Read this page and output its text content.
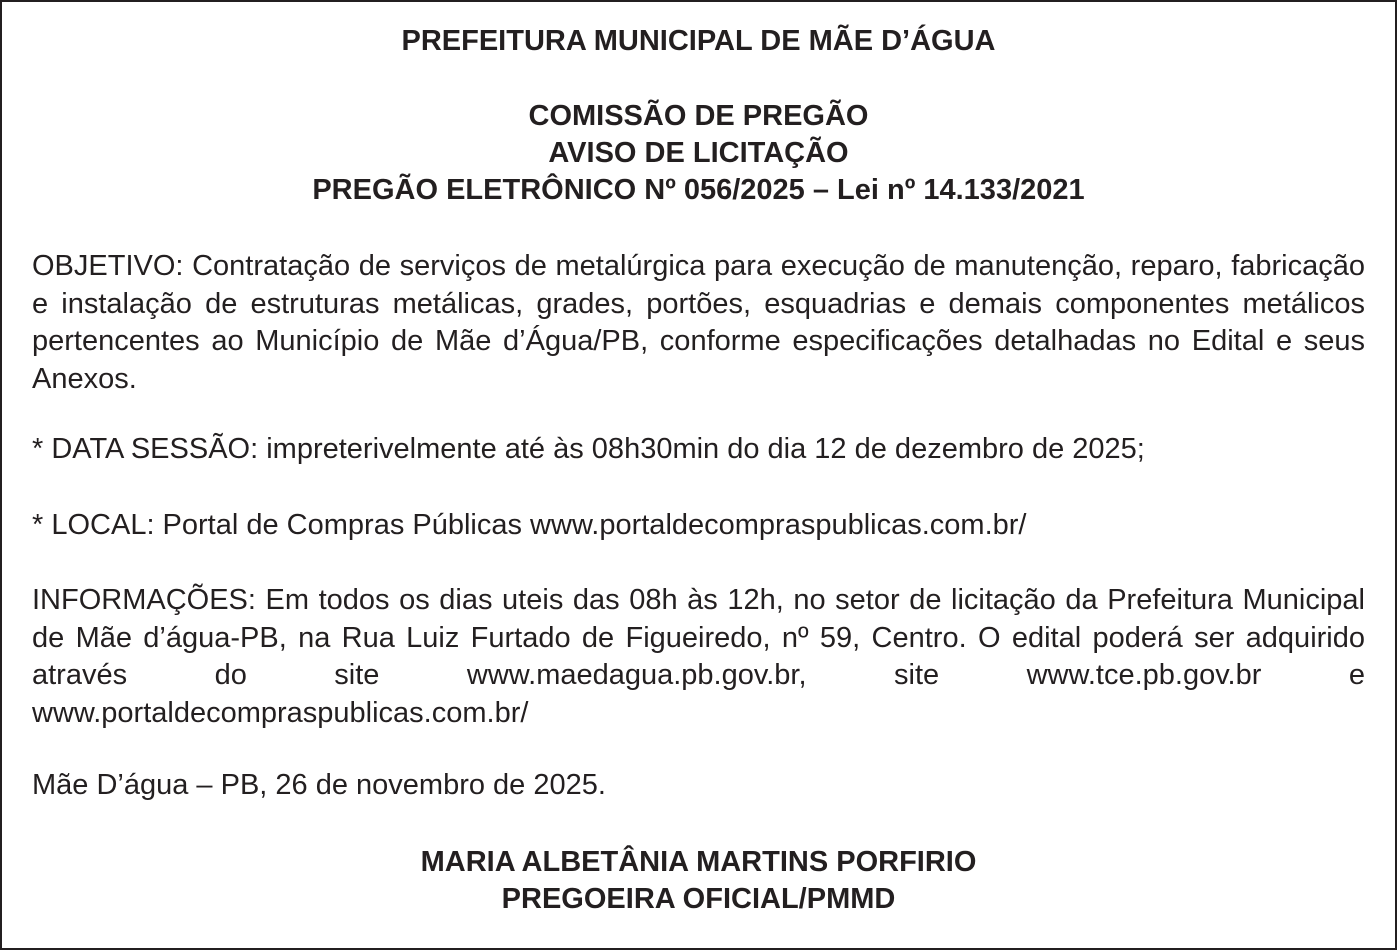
PREFEITURA MUNICIPAL DE MÃE D’ÁGUA
COMISSÃO DE PREGÃO
AVISO DE LICITAÇÃO
PREGÃO ELETRÔNICO Nº 056/2025 – Lei nº 14.133/2021

OBJETIVO: Contratação de serviços de metalúrgica para execução de manutenção, reparo, fabricação e instalação de estruturas metálicas, grades, portões, esquadrias e demais componentes metálicos pertencentes ao Município de Mãe d’Água/PB, conforme especificações detalhadas no Edital e seus Anexos.

* DATA SESSÃO: impreterivelmente até às 08h30min do dia 12 de dezembro de 2025;

* LOCAL: Portal de Compras Públicas www.portaldecompraspublicas.com.br/

INFORMAÇÕES: Em todos os dias uteis das 08h às 12h, no setor de licitação da Prefeitura Municipal de Mãe d’água-PB, na Rua Luiz Furtado de Figueiredo, nº 59, Centro. O edital poderá ser adquirido através do site www.maedagua.pb.gov.br, site www.tce.pb.gov.br e www.portaldecompraspublicas.com.br/

Mãe D’água – PB, 26 de novembro de 2025.

MARIA ALBETÂNIA MARTINS PORFIRIO
PREGOEIRA OFICIAL/PMMD
